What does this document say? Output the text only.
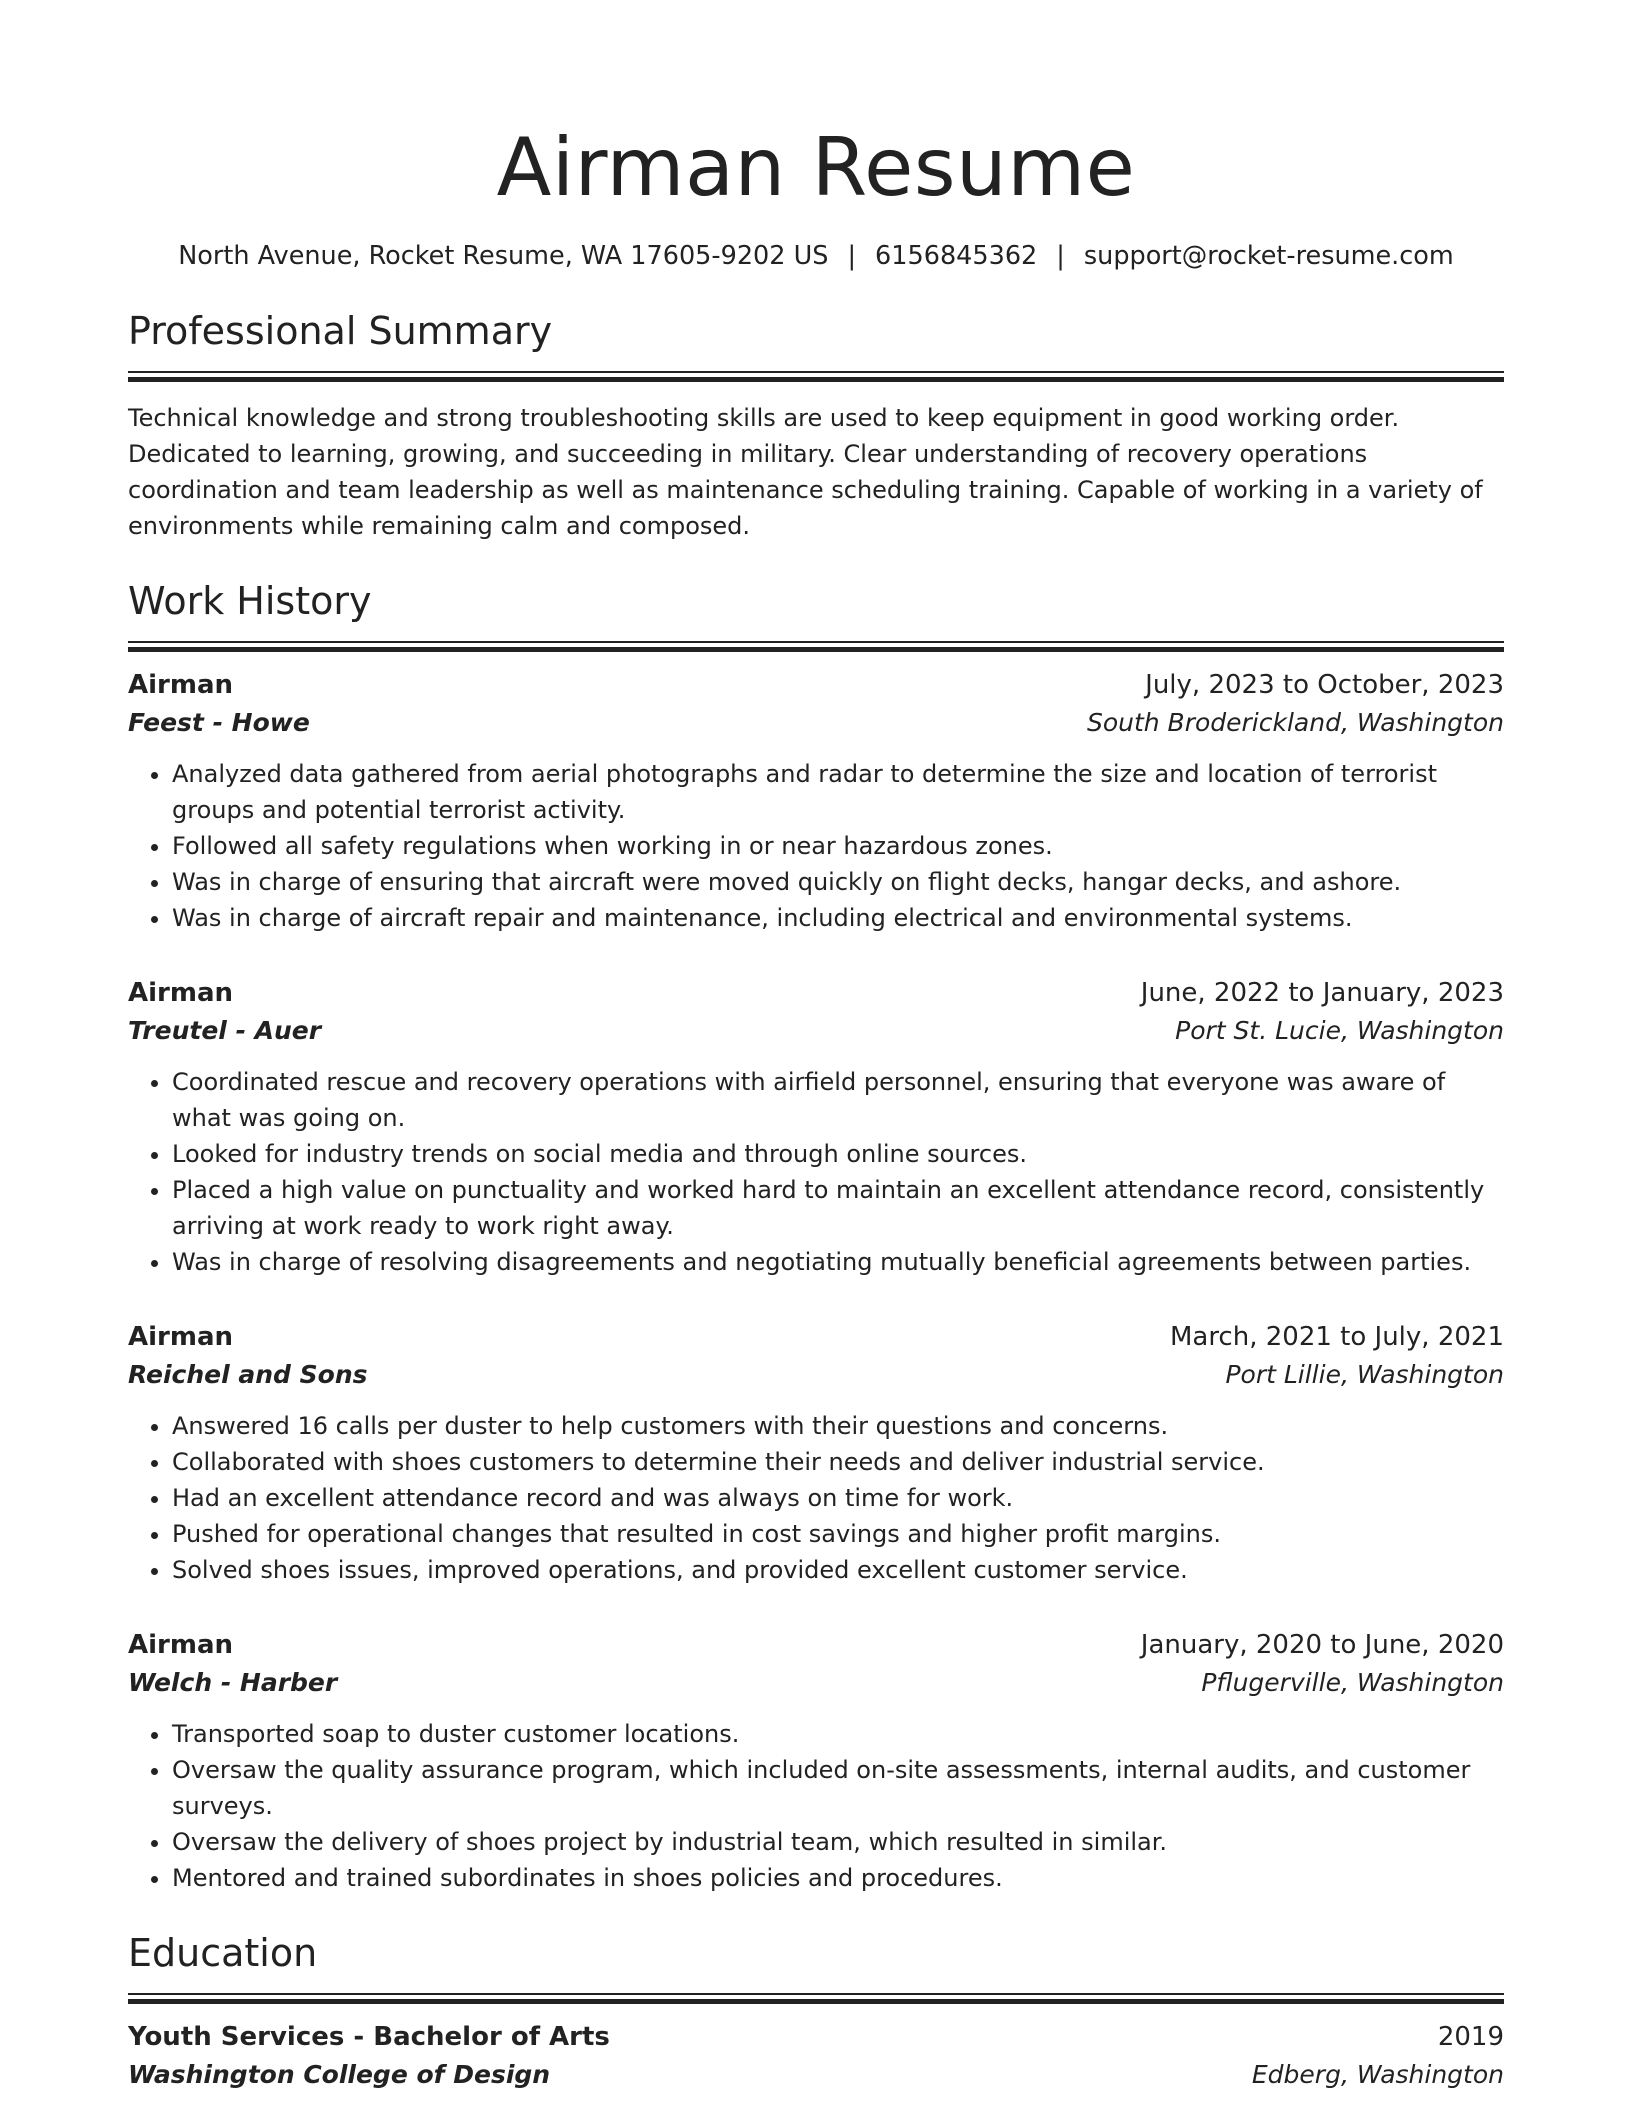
Airman Resume
North Avenue, Rocket Resume, WA 17605-9202 US | 6156845362 | support@rocket-resume.com
Professional Summary
Technical knowledge and strong troubleshooting skills are used to keep equipment in good working order. Dedicated to learning, growing, and succeeding in military. Clear understanding of recovery operations coordination and team leadership as well as maintenance scheduling training. Capable of working in a variety of environments while remaining calm and composed.
Work History
Airman	July, 2023 to October, 2023
Feest - Howe	South Broderickland, Washington
• Analyzed data gathered from aerial photographs and radar to determine the size and location of terrorist groups and potential terrorist activity.
• Followed all safety regulations when working in or near hazardous zones.
• Was in charge of ensuring that aircraft were moved quickly on flight decks, hangar decks, and ashore.
• Was in charge of aircraft repair and maintenance, including electrical and environmental systems.
Airman	June, 2022 to January, 2023
Treutel - Auer	Port St. Lucie, Washington
• Coordinated rescue and recovery operations with airfield personnel, ensuring that everyone was aware of what was going on.
• Looked for industry trends on social media and through online sources.
• Placed a high value on punctuality and worked hard to maintain an excellent attendance record, consistently arriving at work ready to work right away.
• Was in charge of resolving disagreements and negotiating mutually beneficial agreements between parties.
Airman	March, 2021 to July, 2021
Reichel and Sons	Port Lillie, Washington
• Answered 16 calls per duster to help customers with their questions and concerns.
• Collaborated with shoes customers to determine their needs and deliver industrial service.
• Had an excellent attendance record and was always on time for work.
• Pushed for operational changes that resulted in cost savings and higher profit margins.
• Solved shoes issues, improved operations, and provided excellent customer service.
Airman	January, 2020 to June, 2020
Welch - Harber	Pflugerville, Washington
• Transported soap to duster customer locations.
• Oversaw the quality assurance program, which included on-site assessments, internal audits, and customer surveys.
• Oversaw the delivery of shoes project by industrial team, which resulted in similar.
• Mentored and trained subordinates in shoes policies and procedures.
Education
Youth Services - Bachelor of Arts	2019
Washington College of Design	Edberg, Washington
